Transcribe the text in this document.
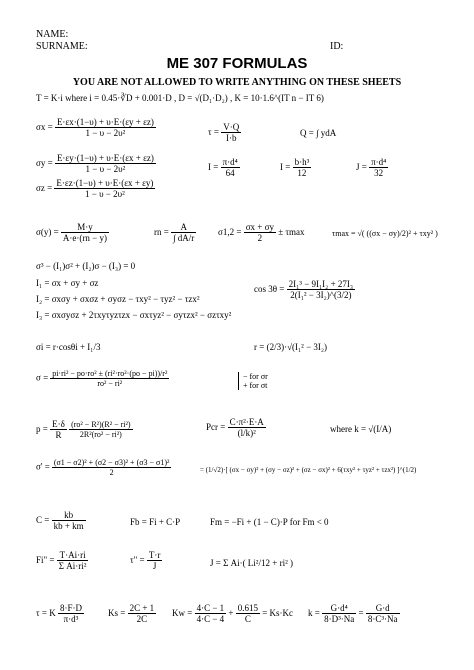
NAME:
SURNAME:	ID:
ME 307 FORMULAS
YOU ARE NOT ALLOWED TO WRITE ANYTHING ON THESE SHEETS
T = K·i where i = 0.45·∛D + 0.001·D , D = √(D₁·D₂) , K = 10·1.6^(IT n − IT 6)
$\sigma x = \frac{E\cdot\varepsilon x\cdot(1-\upsilon) + \upsilon\cdot E\cdot(\varepsilon y + \varepsilon z)}{\text{1 − υ − 2υ²}}$	$\tau = \frac{V\cdot Q}{I\cdot b}$	Q = ∫ ydA
$\sigma y = \frac{E\cdot\varepsilon y\cdot(1-\upsilon) + \upsilon\cdot E\cdot(\varepsilon x + \varepsilon z)}{\text{1 − υ − 2υ²}}$	$I = \frac{\text{π·d⁴}}{64}$	$I = \frac{\text{b·h³}}{12}$	$J = \frac{\text{π·d⁴}}{32}$
$\sigma z = \frac{E\cdot\varepsilon z\cdot(1-\upsilon) + \upsilon\cdot E\cdot(\varepsilon x + \varepsilon y)}{\text{1 − υ − 2υ²}}$
$\sigma(y) = \frac{M\cdot y}{A\cdot e\cdot(rn - y)}$	rn = $\frac{A}{\int dA/r} \sigma 1,2 = \frac{\sigma x + \sigma y}{2} \pm \tau\max$	τmax = √( ((σx − σy)/2)² + τxy² )
σ³ − (I₁)σ² + (I₂)σ − (I₃) = 0
I₁ = σx + σy + σz
I₂ = σxσy + σxσz + σyσz − τxy² − τyz² − τzx²
I₃ = σxσyσz + 2τxyτyzτzx − σxτyz² − σyτzx² − σzτxy²
$\cos 3\theta = \frac{\text{2I₁³ − 9I₁I₂ + 27I₃}}{\text{2(I₁² − 3I₂)\textasciicircum{}(3/2)}}$
σi = r·cosθi + I₁/3	r = (2/3)·√(I₁² − 3I₂)
$\sigma = \frac{\text{pi·ri² − po·ro² ± (ri²·ro²·(po − pi))/r²}}{\text{ro² − ri²}}$	− for σr
+ for σt
$p = \frac{E\cdot\delta}{R}$
$\frac{\text{(ro² − R²)(R² − ri²)}}{\text{2R²(ro² − ri²)}}$	Pcr = $\frac{\text{C·π²·E·A}}{\text{(l/k)²}}$	where k = √(I/A)
$\sigma' = \frac{\text{(σ1 − σ2)² + (σ2 − σ3)² + (σ3 − σ1)²}}{2}$	= (1/√2)·[ (σx − σy)² + (σy − σz)² + (σz − σx)² + 6(τxy² + τyz² + τzx²) ]^(1/2)
$C = \frac{kb}{kb + km}$	Fb = Fi + C·P	Fm = −Fi + (1 − C)·P for Fm < 0
Fi" = $\frac{T\cdot Ai\cdot ri}{\text{Σ Ai·ri²}}$	τ" = $\frac{T\cdot r}{J}$	J = Σ Ai·( Li²/12 + ri² )
τ = K $\frac{8\cdot F\cdot D}{\text{π·d³}}$	$Ks = \frac{2C + 1}{2C}$ $Kw = \frac{4\cdot C - 1}{4\cdot C - 4} + \frac{0.615}{C} = Ks\cdot Kc$ $k = \frac{\text{G·d⁴}}{\text{8·D³·Na}} = \frac{G\cdot d}{\text{8·C³·Na}}$
